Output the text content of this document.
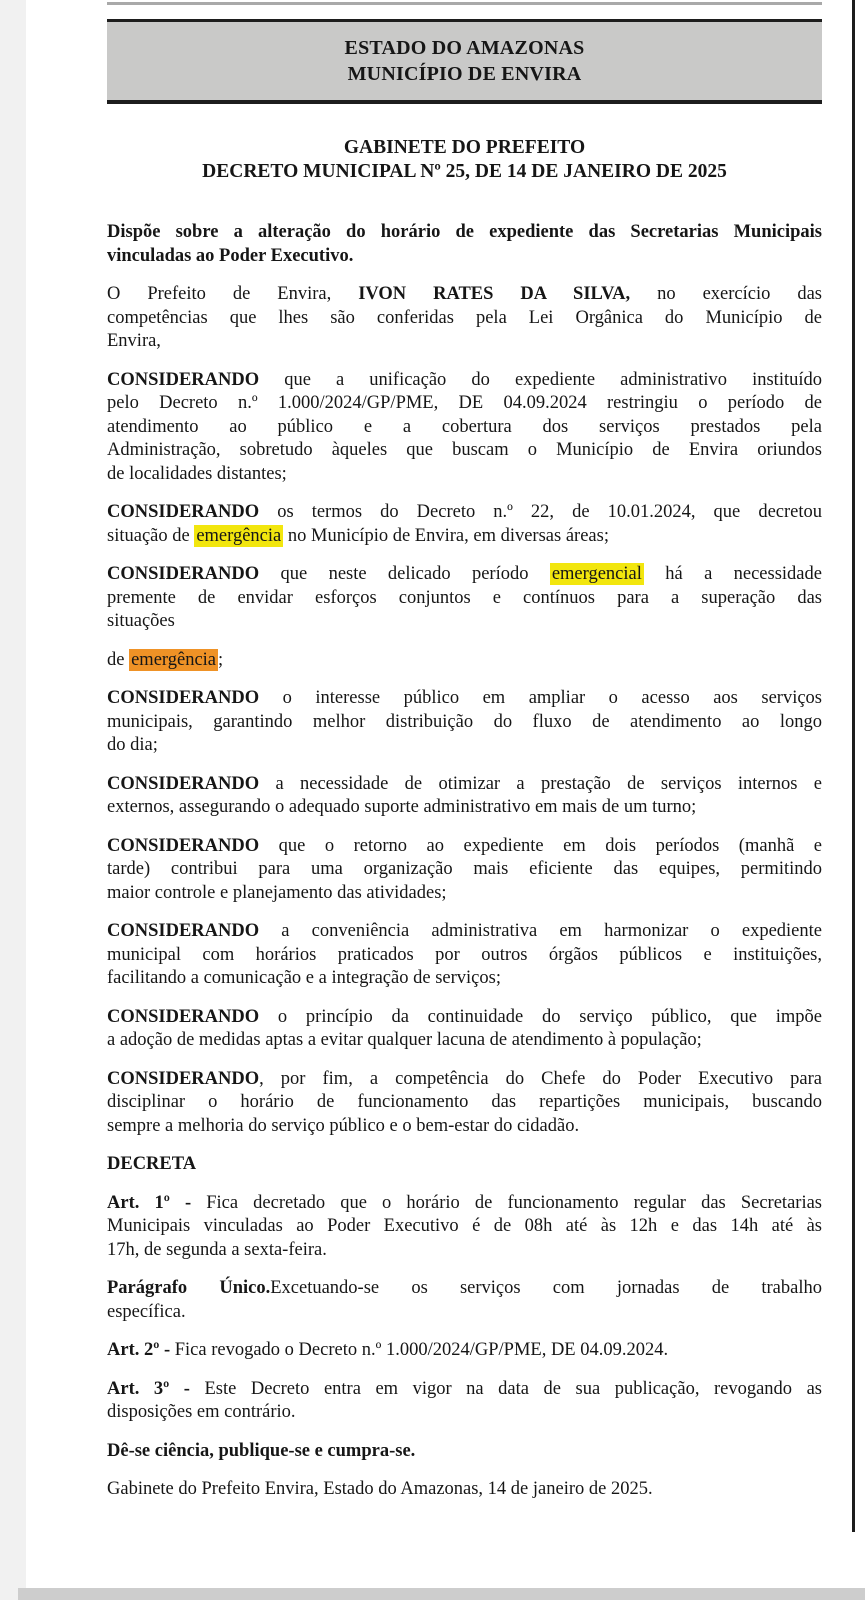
ESTADO DO AMAZONAS
MUNICÍPIO DE ENVIRA
GABINETE DO PREFEITO
DECRETO MUNICIPAL Nº 25, DE 14 DE JANEIRO DE 2025
Dispõe sobre a alteração do horário de expediente das Secretarias Municipais
vinculadas ao Poder Executivo.
O Prefeito de Envira, IVON RATES DA SILVA, no exercício das
competências que lhes são conferidas pela Lei Orgânica do Município de
Envira,
CONSIDERANDO que a unificação do expediente administrativo instituído
pelo Decreto n.º 1.000/2024/GP/PME, DE 04.09.2024 restringiu o período de
atendimento ao público e a cobertura dos serviços prestados pela
Administração, sobretudo àqueles que buscam o Município de Envira oriundos
de localidades distantes;
CONSIDERANDO os termos do Decreto n.º 22, de 10.01.2024, que decretou
situação de emergência no Município de Envira, em diversas áreas;
CONSIDERANDO que neste delicado período emergencial há a necessidade
premente de envidar esforços conjuntos e contínuos para a superação das
situações
de emergência ;
CONSIDERANDO o interesse público em ampliar o acesso aos serviços
municipais, garantindo melhor distribuição do fluxo de atendimento ao longo
do dia;
CONSIDERANDO a necessidade de otimizar a prestação de serviços internos e
externos, assegurando o adequado suporte administrativo em mais de um turno;
CONSIDERANDO que o retorno ao expediente em dois períodos (manhã e
tarde) contribui para uma organização mais eficiente das equipes, permitindo
maior controle e planejamento das atividades;
CONSIDERANDO a conveniência administrativa em harmonizar o expediente
municipal com horários praticados por outros órgãos públicos e instituições,
facilitando a comunicação e a integração de serviços;
CONSIDERANDO o princípio da continuidade do serviço público, que impõe
a adoção de medidas aptas a evitar qualquer lacuna de atendimento à população;
CONSIDERANDO, por fim, a competência do Chefe do Poder Executivo para
disciplinar o horário de funcionamento das repartições municipais, buscando
sempre a melhoria do serviço público e o bem-estar do cidadão.
DECRETA
Art. 1º - Fica decretado que o horário de funcionamento regular das Secretarias
Municipais vinculadas ao Poder Executivo é de 08h até às 12h e das 14h até às
17h, de segunda a sexta-feira.
Parágrafo Único.Excetuando-se os serviços com jornadas de trabalho
específica.
Art. 2º - Fica revogado o Decreto n.º 1.000/2024/GP/PME, DE 04.09.2024.
Art. 3º - Este Decreto entra em vigor na data de sua publicação, revogando as
disposições em contrário.
Dê-se ciência, publique-se e cumpra-se.
Gabinete do Prefeito Envira, Estado do Amazonas, 14 de janeiro de 2025.
